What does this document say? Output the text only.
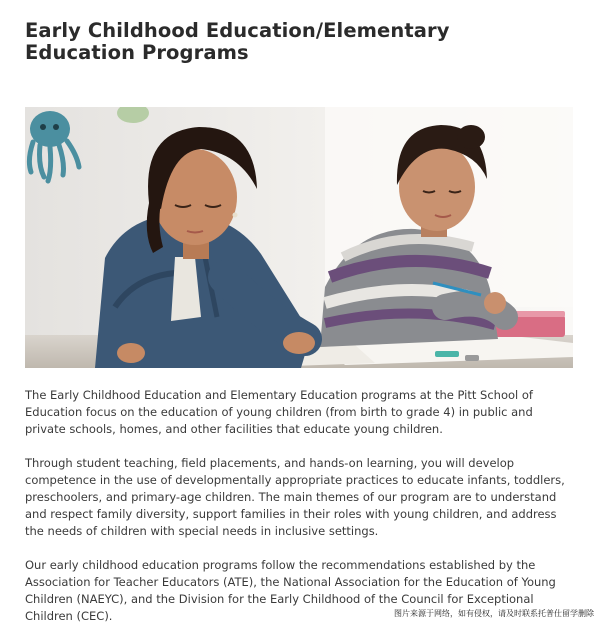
Early Childhood Education/Elementary
Education Programs

The Early Childhood Education and Elementary Education programs at the Pitt School of Education focus on the education of young children (from birth to grade 4) in public and private schools, homes, and other facilities that educate young children.

Through student teaching, field placements, and hands-on learning, you will develop competence in the use of developmentally appropriate practices to educate infants, toddlers, preschoolers, and primary-age children. The main themes of our program are to understand and respect family diversity, support families in their roles with young children, and address the needs of children with special needs in inclusive settings.

Our early childhood education programs follow the recommendations established by the Association for Teacher Educators (ATE), the National Association for the Education of Young Children (NAEYC), and the Division for the Early Childhood of the Council for Exceptional Children (CEC).	图片来源于网络，如有侵权，请及时联系托普仕留学删除
